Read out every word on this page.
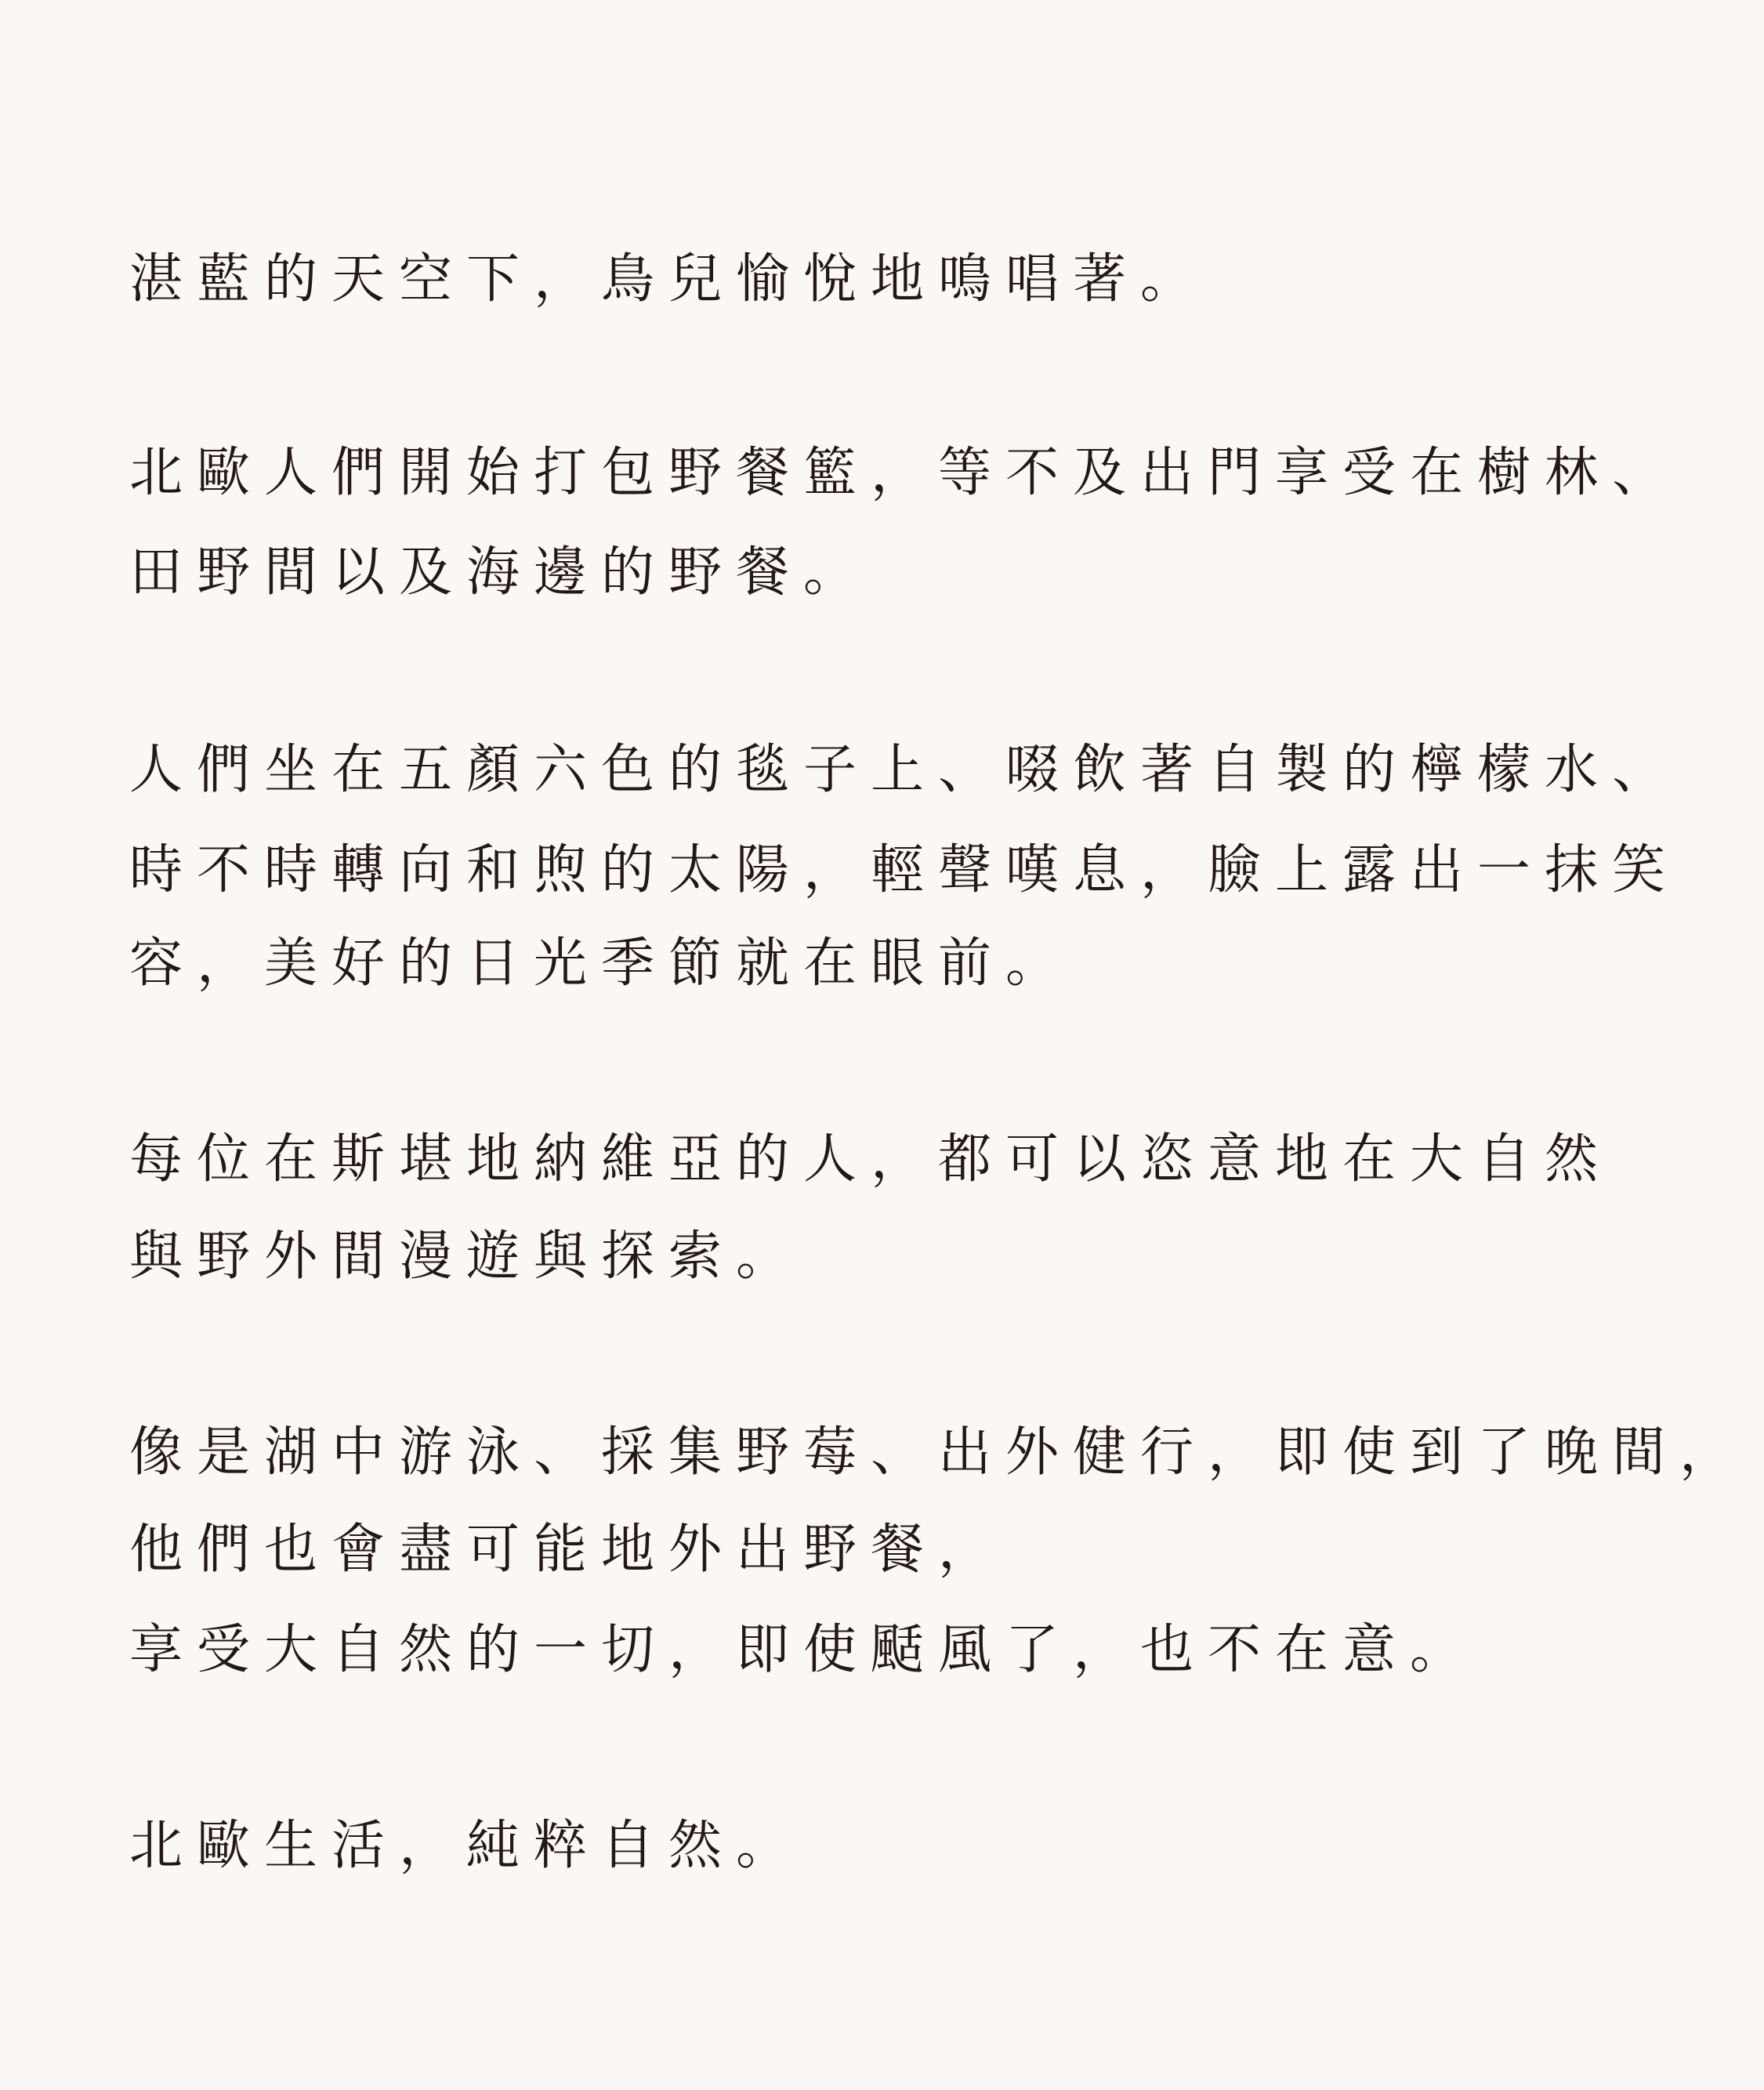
湛藍的天空下，鳥兒愉悅地鳴唱著。
北歐人們開始打包野餐籃，等不及出門享受在樹林、
田野間以及海邊的野餐。
人們坐在五顏六色的毯子上、啜飲著自製的檸檬水、
時不時轉向和煦的太陽，輕聲嘆息，臉上露出一抹笑
容，美好的日光季節就在眼前。
每位在斯堪地納維亞的人，都可以恣意地在大自然
與野外間漫遊與探索。
像是湖中游泳、採集野莓、出外健行，即使到了晚間，
他們也會盡可能地外出野餐，
享受大自然的一切，即使颳風了，也不在意。
北歐生活，純粹自然。
